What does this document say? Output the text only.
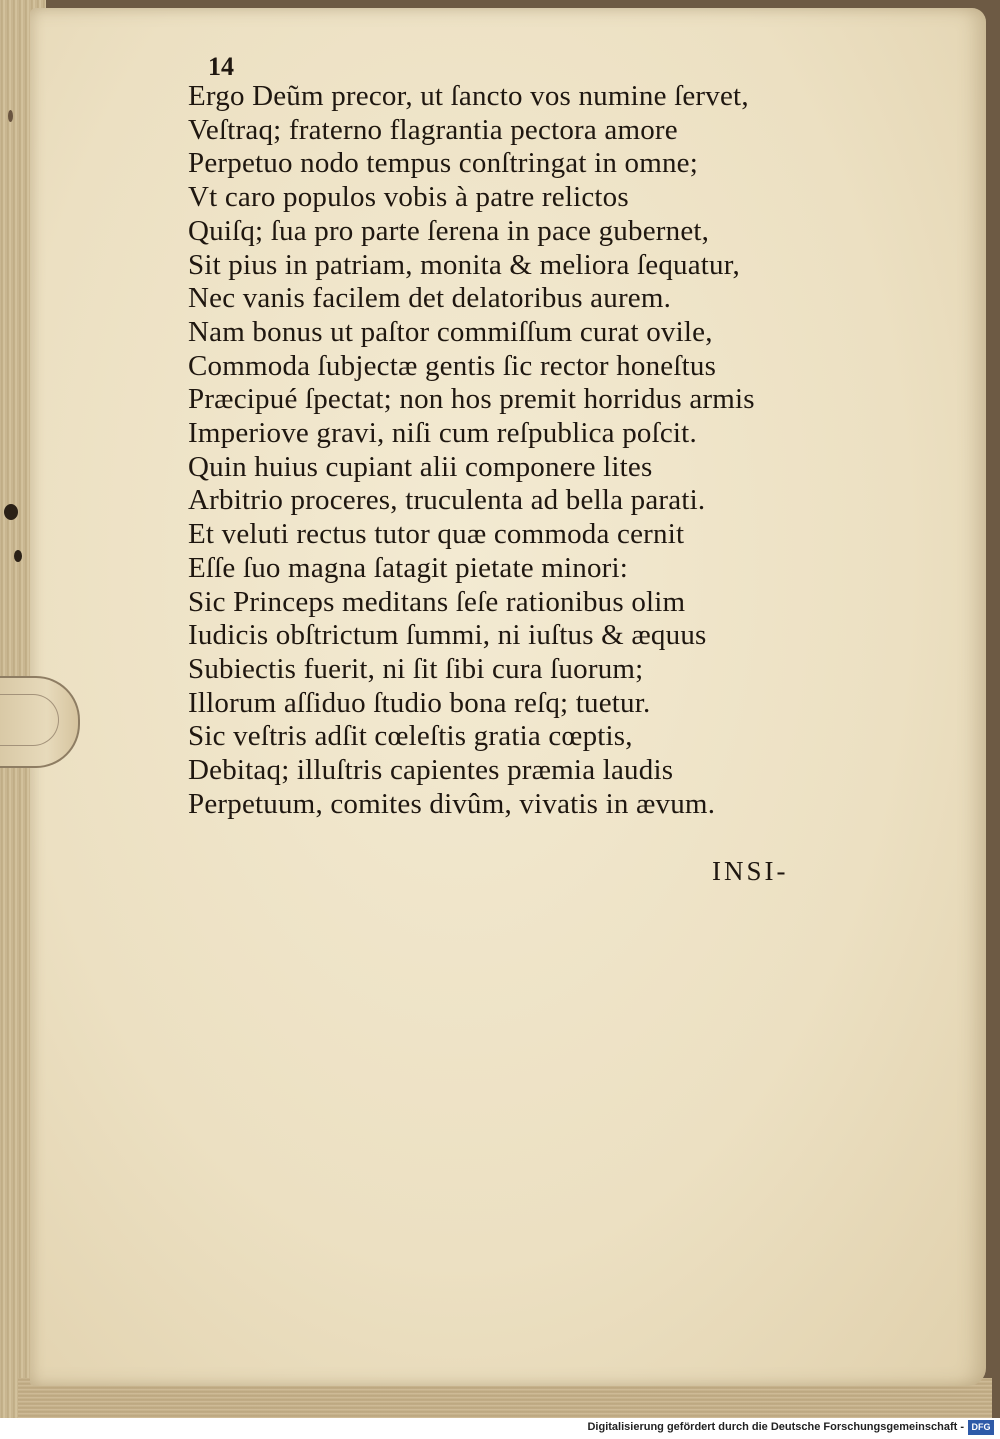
14
Ergo Deũm precor, ut ſancto vos numine ſervet,
Veſtraq; fraterno flagrantia pectora amore
Perpetuo nodo tempus conſtringat in omne;
Vt caro populos vobis à patre relictos
Quiſq; ſua pro parte ſerena in pace gubernet,
Sit pius in patriam, monita & meliora ſequatur,
Nec vanis facilem det delatoribus aurem.
Nam bonus ut paſtor commiſſum curat ovile,
Commoda ſubjectæ gentis ſic rector honeſtus
Præcipué ſpectat; non hos premit horridus armis
Imperiove gravi, niſi cum reſpublica poſcit.
Quin huius cupiant alii componere lites
Arbitrio proceres, truculenta ad bella parati.
Et veluti rectus tutor quæ commoda cernit
Eſſe ſuo magna ſatagit pietate minori:
Sic Princeps meditans ſeſe rationibus olim
Iudicis obſtrictum ſummi, ni iuſtus & æquus
Subiectis fuerit, ni ſit ſibi cura ſuorum;
Illorum aſſiduo ſtudio bona reſq; tuetur.
Sic veſtris adſit cœleſtis gratia cœptis,
Debitaq; illuſtris capientes præmia laudis
Perpetuum, comites divûm, vivatis in ævum.
INSI-
Digitalisierung gefördert durch die Deutsche Forschungsgemeinschaft - DFG
